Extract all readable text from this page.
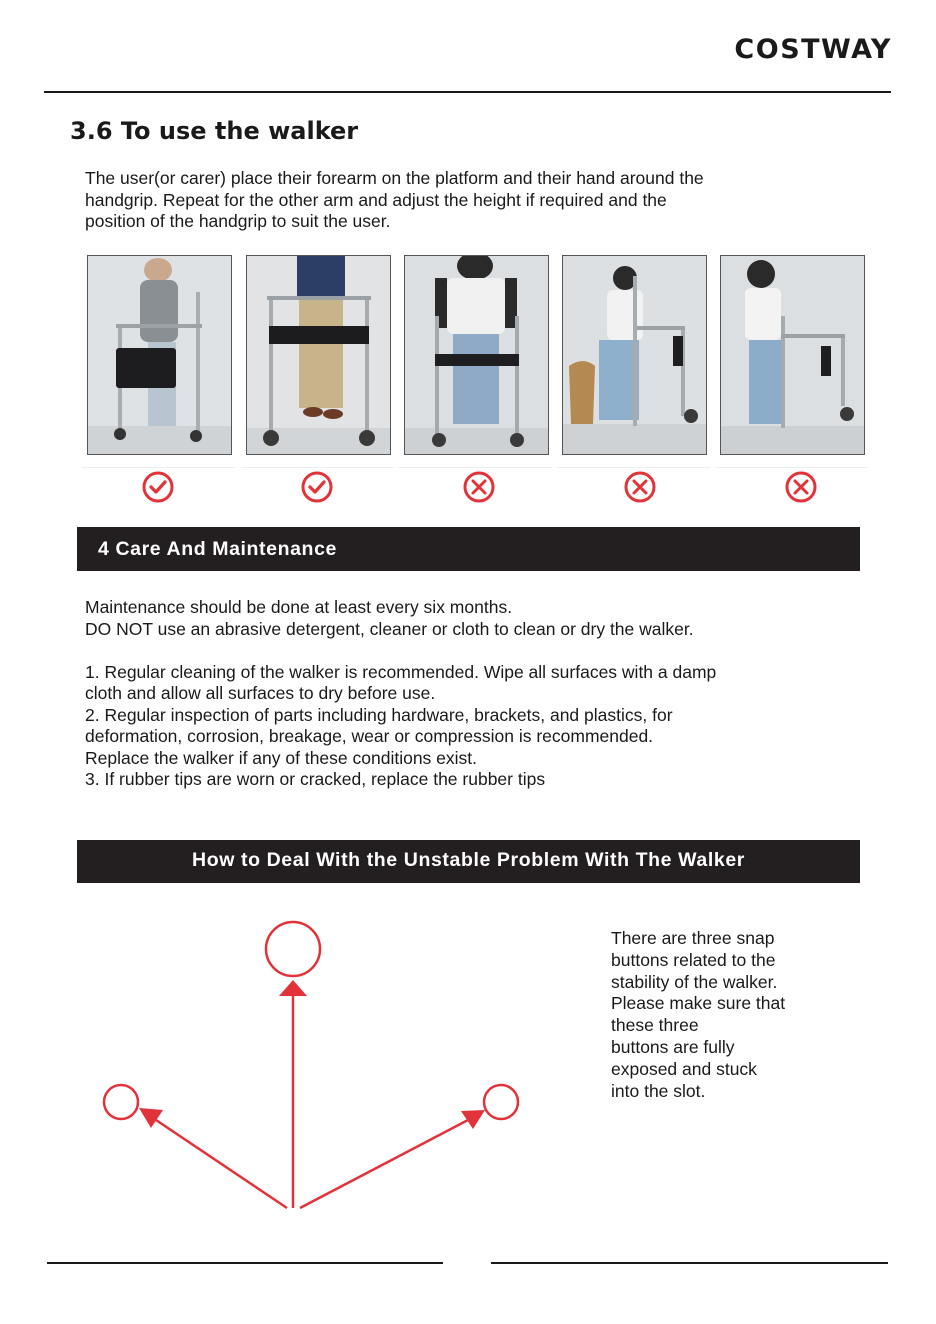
COSTWAY
3.6 To use the walker

The user(or carer) place their forearm on the platform and their hand around the

handgrip. Repeat for the other arm and adjust the height if required and the

position of the handgrip to suit the user.

4 Care And Maintenance

Maintenance should be done at least every six months.

DO NOT use an abrasive detergent, cleaner or cloth to clean or dry the walker.

1. Regular cleaning of the walker is recommended. Wipe all surfaces with a damp

cloth and allow all surfaces to dry before use.

2. Regular inspection of parts including hardware, brackets, and plastics, for

deformation, corrosion, breakage, wear or compression is recommended.

Replace the walker if any of these conditions exist.

3. If rubber tips are worn or cracked, replace the rubber tips

How to Deal With the Unstable Problem With The Walker

There are three snap

buttons related to the

stability of the walker.

Please make sure that

these three

buttons are fully

exposed and stuck

into the slot.
